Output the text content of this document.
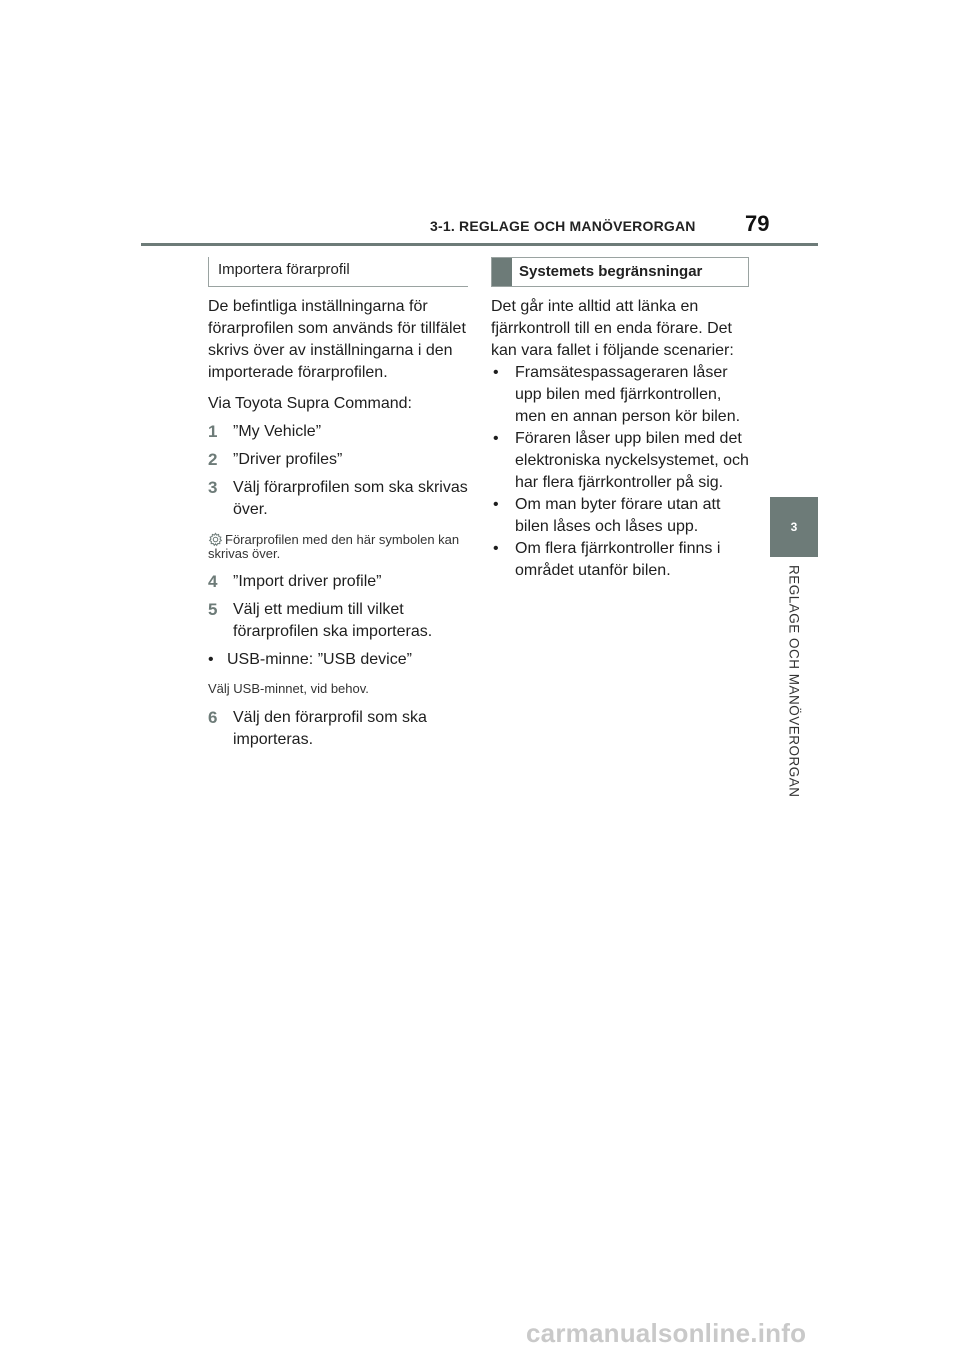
3-1. REGLAGE OCH MANÖVERORGAN 79
3
REGLAGE OCH MANÖVERORGAN
Importera förarprofil

De befintliga inställningarna för förarprofilen som används för tillfälet skrivs över av inställningarna i den importerade förarprofilen.

Via Toyota Supra Command:

1 ”My Vehicle”
2 ”Driver profiles”
3 Välj förarprofilen som ska skrivas över.

Förarprofilen med den här symbolen kan skrivas över.

4 ”Import driver profile”
5 Välj ett medium till vilket förarprofilen ska importeras.
• USB-minne: ”USB device”

Välj USB-minnet, vid behov.

6 Välj den förarprofil som ska importeras.
Systemets begränsningar

Det går inte alltid att länka en fjärrkontroll till en enda förare. Det kan vara fallet i följande scenarier:

•	Framsätespassageraren låser upp bilen med fjärrkontrollen, men en annan person kör bilen.
•	Föraren låser upp bilen med det elektroniska nyckelsystemet, och har flera fjärrkontroller på sig.
•	Om man byter förare utan att bilen låses och låses upp.
•	Om flera fjärrkontroller finns i området utanför bilen.
carmanualsonline.info
